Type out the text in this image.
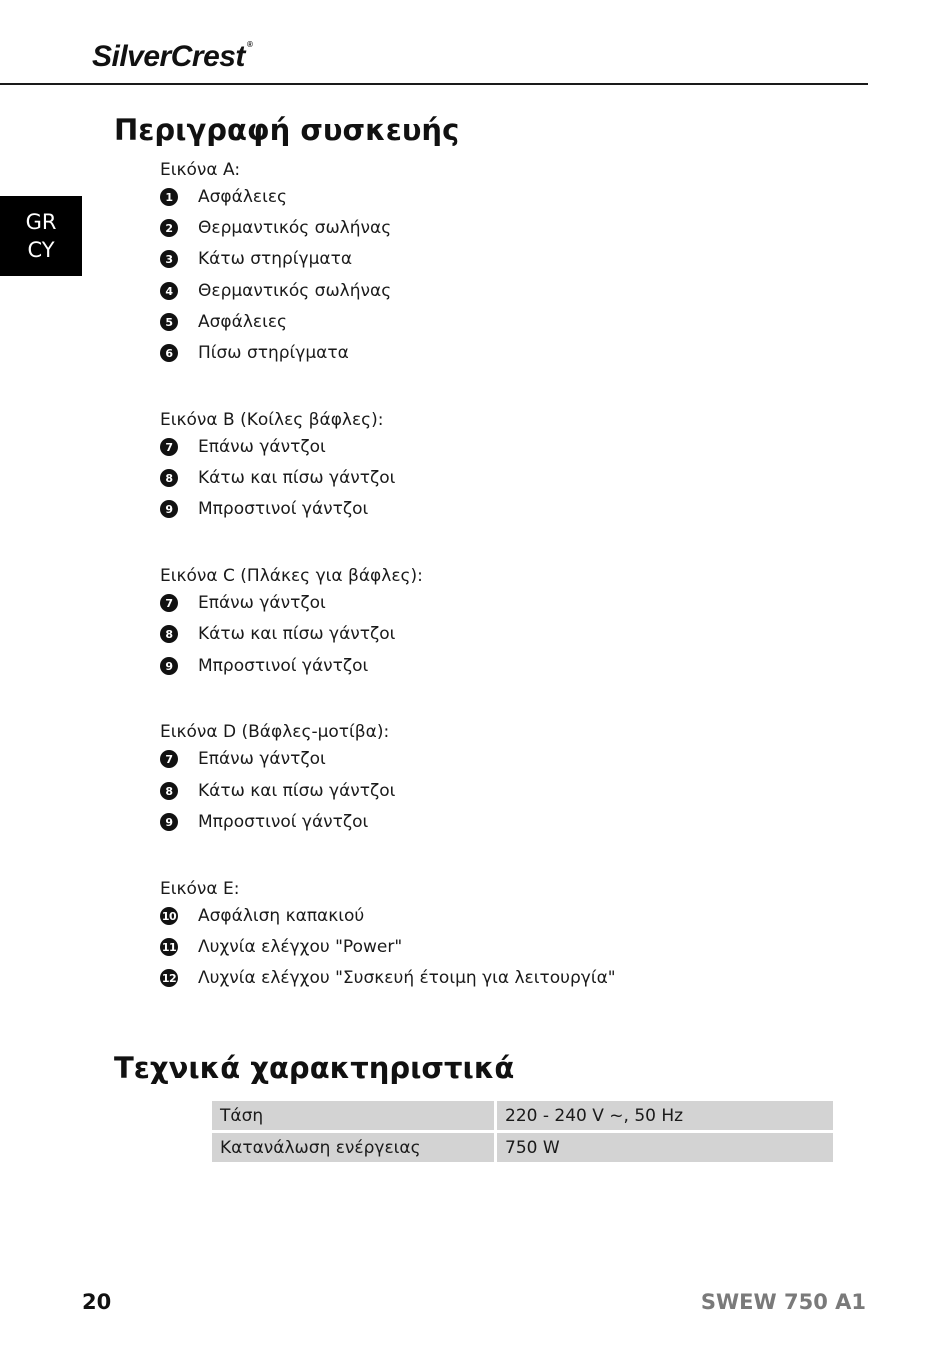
SilverCrest ®
GR
CY
Περιγραφή συσκευής
Εικόνα A:
1	Ασφάλειες
2	Θερμαντικός σωλήνας
3	Κάτω στηρίγματα
4	Θερμαντικός σωλήνας
5	Ασφάλειες
6	Πίσω στηρίγματα
Εικόνα B (Κοίλες βάφλες):
7	Επάνω γάντζοι
8	Κάτω και πίσω γάντζοι
9	Μπροστινοί γάντζοι
Εικόνα C (Πλάκες για βάφλες):
7	Επάνω γάντζοι
8	Κάτω και πίσω γάντζοι
9	Μπροστινοί γάντζοι
Εικόνα D (Βάφλες-μοτίβα):
7	Επάνω γάντζοι
8	Κάτω και πίσω γάντζοι
9	Μπροστινοί γάντζοι
Εικόνα E:
10 Ασφάλιση καπακιού
11 Λυχνία ελέγχου "Power"
12 Λυχνία ελέγχου "Συσκευή έτοιμη για λειτουργία"
Τεχνικά χαρακτηριστικά
Τάση	220 - 240 V ~, 50 Hz
Κατανάλωση ενέργειας	750 W
20	SWEW 750 A1
